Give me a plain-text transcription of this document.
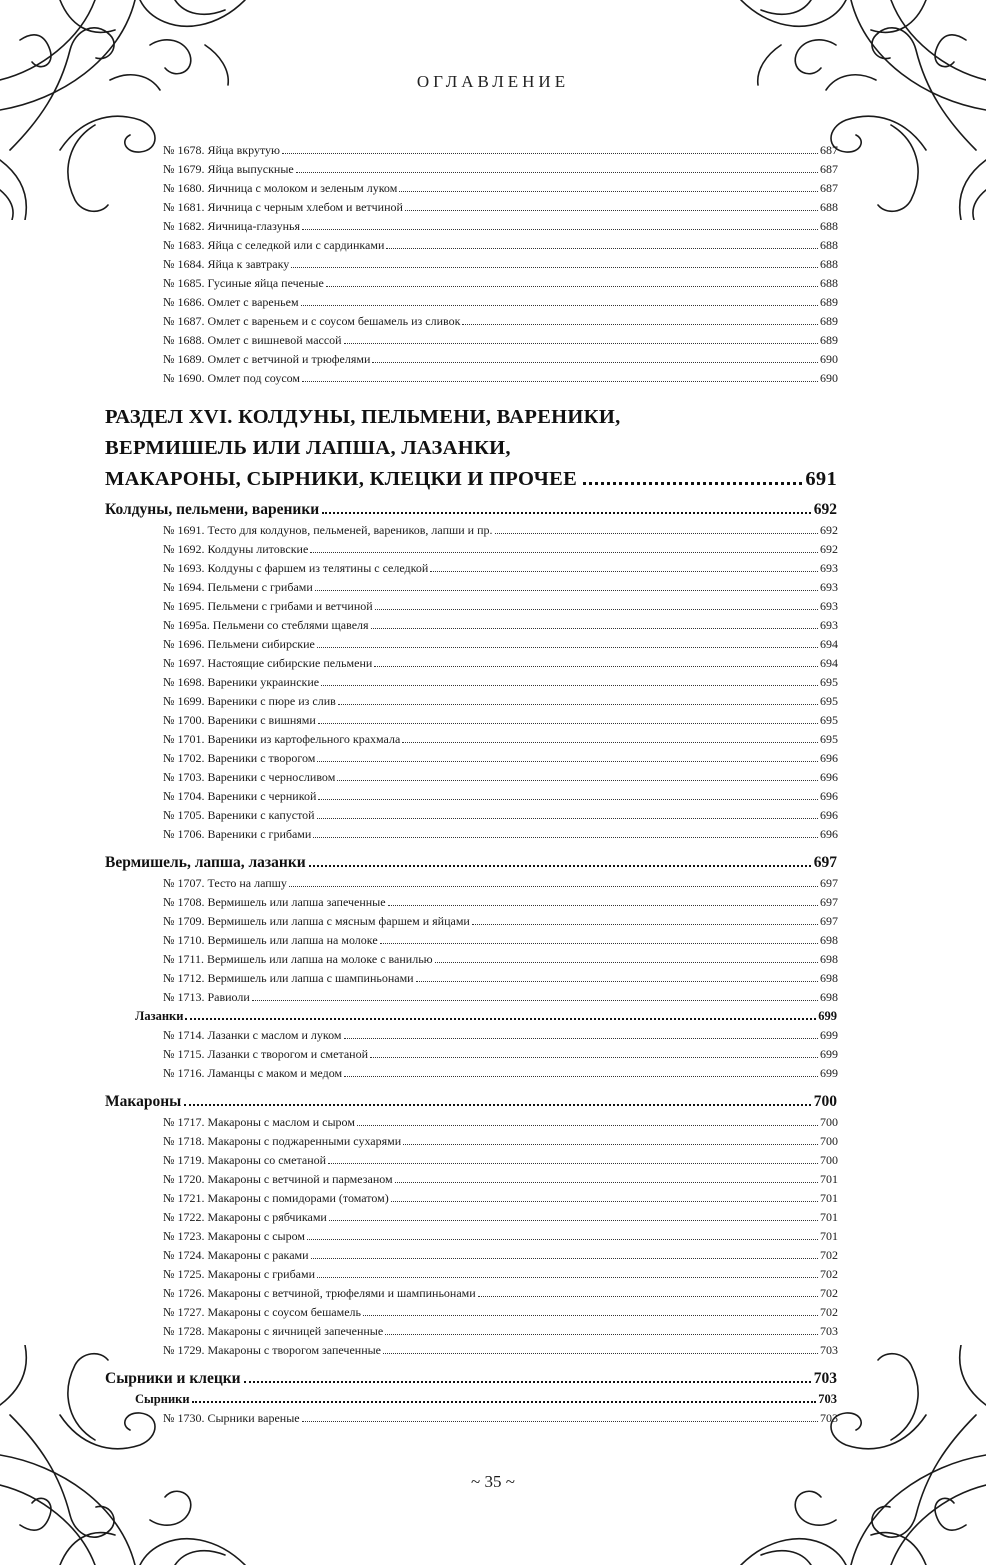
ОГЛАВЛЕНИЕ
№ 1678. Яйца вкрутую	687
№ 1679. Яйца выпускные	687
№ 1680. Яичница с молоком и зеленым луком	687
№ 1681. Яичница с черным хлебом и ветчиной	688
№ 1682. Яичница-глазунья	688
№ 1683. Яйца с селедкой или с сардинками	688
№ 1684. Яйца к завтраку	688
№ 1685. Гусиные яйца печеные	688
№ 1686. Омлет с вареньем	689
№ 1687. Омлет с вареньем и с соусом бешамель из сливок	689
№ 1688. Омлет с вишневой массой	689
№ 1689. Омлет с ветчиной и трюфелями	690
№ 1690. Омлет под соусом	690
РАЗДЕЛ XVI. КОЛДУНЫ, ПЕЛЬМЕНИ, ВАРЕНИКИ,
ВЕРМИШЕЛЬ ИЛИ ЛАПША, ЛАЗАНКИ,
МАКАРОНЫ, СЫРНИКИ, КЛЕЦКИ И ПРОЧЕЕ	691
Колдуны, пельмени, вареники	692
№ 1691. Тесто для колдунов, пельменей, вареников, лапши и пр.	692
№ 1692. Колдуны литовские	692
№ 1693. Колдуны с фаршем из телятины с селедкой	693
№ 1694. Пельмени с грибами	693
№ 1695. Пельмени с грибами и ветчиной	693
№ 1695а. Пельмени со стеблями щавеля	693
№ 1696. Пельмени сибирские	694
№ 1697. Настоящие сибирские пельмени	694
№ 1698. Вареники украинские	695
№ 1699. Вареники с пюре из слив	695
№ 1700. Вареники с вишнями	695
№ 1701. Вареники из картофельного крахмала	695
№ 1702. Вареники с творогом	696
№ 1703. Вареники с черносливом	696
№ 1704. Вареники с черникой	696
№ 1705. Вареники с капустой	696
№ 1706. Вареники с грибами	696
Вермишель, лапша, лазанки	697
№ 1707. Тесто на лапшу	697
№ 1708. Вермишель или лапша запеченные	697
№ 1709. Вермишель или лапша с мясным фаршем и яйцами	697
№ 1710. Вермишель или лапша на молоке	698
№ 1711. Вермишель или лапша на молоке с ванилью	698
№ 1712. Вермишель или лапша с шампиньонами	698
№ 1713. Равиоли	698
Лазанки	699
№ 1714. Лазанки с маслом и луком	699
№ 1715. Лазанки с творогом и сметаной	699
№ 1716. Ламанцы с маком и медом	699
Макароны	700
№ 1717. Макароны с маслом и сыром	700
№ 1718. Макароны с поджаренными сухарями	700
№ 1719. Макароны со сметаной	700
№ 1720. Макароны с ветчиной и пармезаном	701
№ 1721. Макароны с помидорами (томатом)	701
№ 1722. Макароны с рябчиками	701
№ 1723. Макароны с сыром	701
№ 1724. Макароны с раками	702
№ 1725. Макароны с грибами	702
№ 1726. Макароны с ветчиной, трюфелями и шампиньонами	702
№ 1727. Макароны с соусом бешамель	702
№ 1728. Макароны с яичницей запеченные	703
№ 1729. Макароны с творогом запеченные	703
Сырники и клецки	703
Сырники	703
№ 1730. Сырники вареные	703
~ 35 ~
